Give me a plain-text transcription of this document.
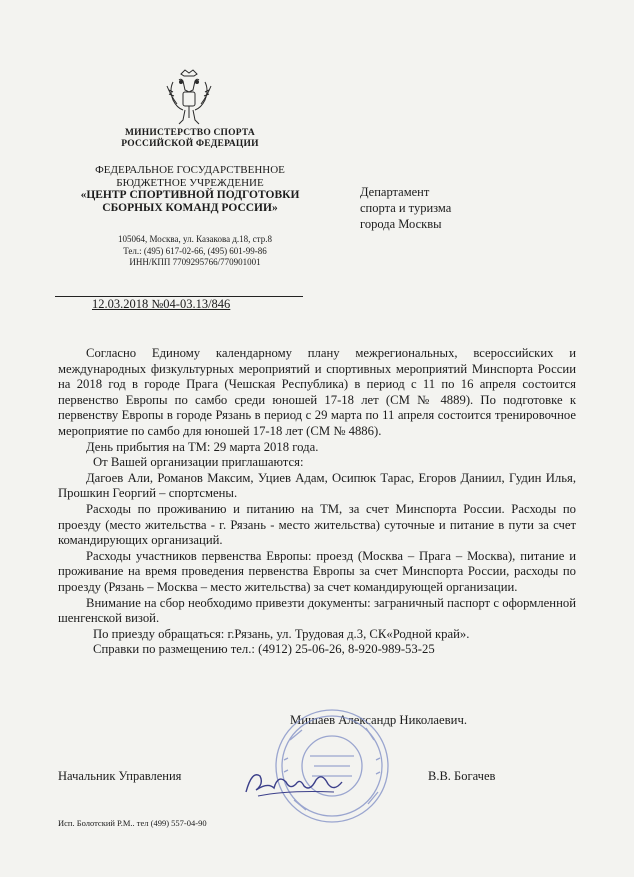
МИНИСТЕРСТВО СПОРТА
РОССИЙСКОЙ ФЕДЕРАЦИИ
ФЕДЕРАЛЬНОЕ ГОСУДАРСТВЕННОЕ
БЮДЖЕТНОЕ УЧРЕЖДЕНИЕ
«ЦЕНТР СПОРТИВНОЙ ПОДГОТОВКИ
СБОРНЫХ КОМАНД РОССИИ»
105064, Москва, ул. Казакова д.18, стр.8
Тел.: (495) 617-02-66, (495) 601-99-86
ИНН/КПП 7709295766/770901001
Департамент
спорта и туризма
города Москвы
12.03.2018 №04-03.13/846

Согласно Единому календарному плану межрегиональных, всероссийских и международных физкультурных мероприятий и спортивных мероприятий Минспорта России на 2018 год в городе Прага (Чешская Республика) в период с 11 по 16 апреля состоится первенство Европы по самбо среди юношей 17-18 лет (СМ № 4889). По подготовке к первенству Европы в городе Рязань в период с 29 марта по 11 апреля состоится тренировочное мероприятие по самбо для юношей 17-18 лет (СМ № 4886).

День прибытия на ТМ: 29 марта 2018 года.

От Вашей организации приглашаются:

Дагоев Али, Романов Максим, Уциев Адам, Осипюк Тарас, Егоров Даниил, Гудин Илья, Прошкин Георгий – спортсмены.

Расходы по проживанию и питанию на ТМ, за счет Минспорта России. Расходы по проезду (место жительства - г. Рязань - место жительства) суточные и питание в пути за счет командирующих организаций.

Расходы участников первенства Европы: проезд (Москва – Прага – Москва), питание и проживание на время проведения первенства Европы за счет Минспорта России, расходы по проезду (Рязань – Москва – место жительства) за счет командирующей организации.

Внимание на сбор необходимо привезти документы: заграничный паспорт с оформленной шенгенской визой.

По приезду обращаться: г.Рязань, ул. Трудовая д.3, СК«Родной край».

Справки по размещению тел.: (4912) 25-06-26, 8-920-989-53-25

Мишаев Александр Николаевич.
Начальник Управления	В.В. Богачев
Исп. Болотский Р.М.. тел (499) 557-04-90
